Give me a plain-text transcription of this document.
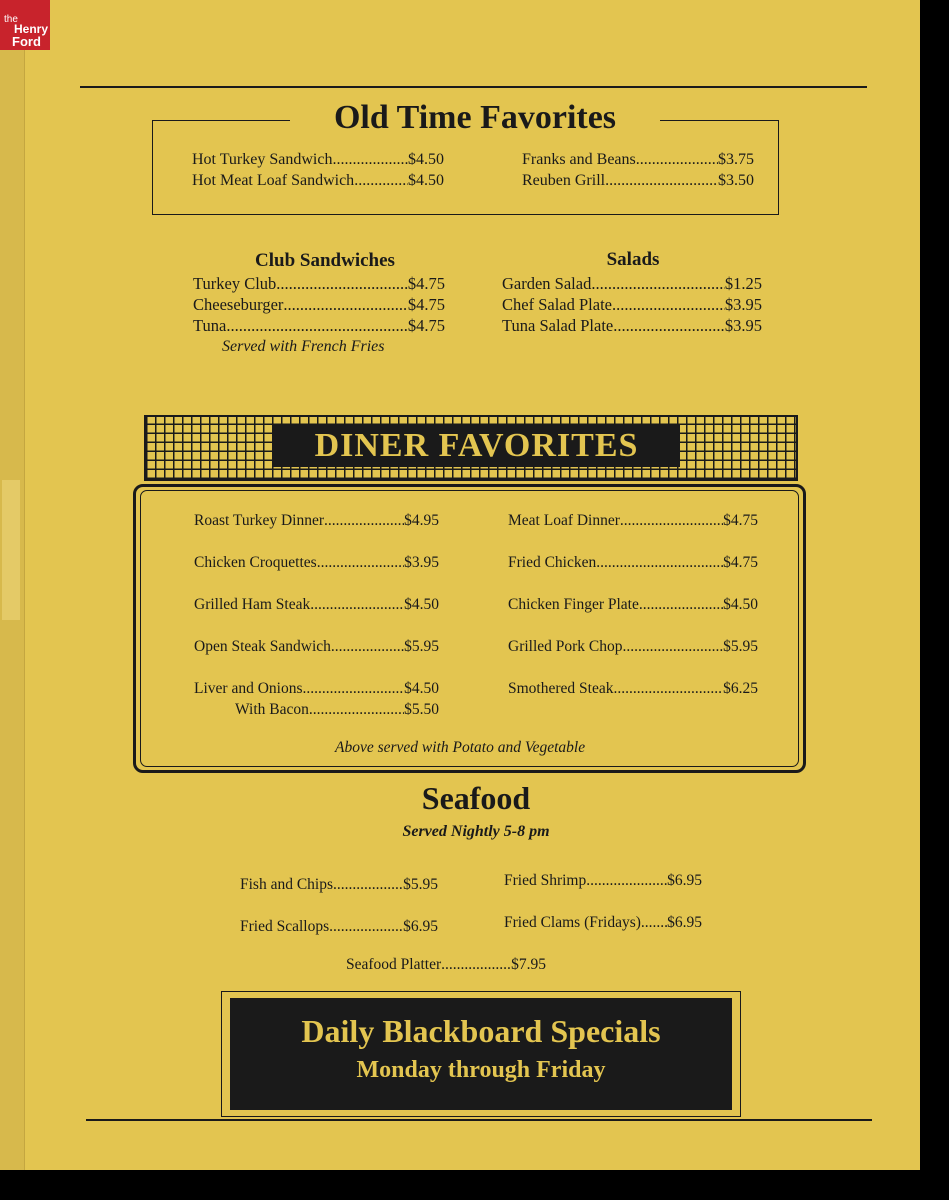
the
Henry
Ford
Old Time Favorites
Hot Turkey Sandwich .....	$4.50
Hot Meat Loaf Sandwich .....	$4.50
Franks and Beans .....	$3.75
Reuben Grill .....	$3.50
Club Sandwiches
Turkey Club .....	$4.75
Cheeseburger .....	$4.75
Tuna .....	$4.75
Served with French Fries
Salads
Garden Salad .....	$1.25
Chef Salad Plate .....	$3.95
Tuna Salad Plate .....	$3.95
DINER FAVORITES
Roast Turkey Dinner .....	$4.95
Chicken Croquettes .....	$3.95
Grilled Ham Steak .....	$4.50
Open Steak Sandwich .....	$5.95
Liver and Onions .....	$4.50
With Bacon .....	$5.50
Meat Loaf Dinner .....	$4.75
Fried Chicken .....	$4.75
Chicken Finger Plate .....	$4.50
Grilled Pork Chop .....	$5.95
Smothered Steak .....	$6.25
Above served with Potato and Vegetable
Seafood
Served Nightly 5-8 pm
Fish and Chips .....	$5.95
Fried Scallops .....	$6.95
Fried Shrimp .....	$6.95
Fried Clams (Fridays) ..... $6.95
Seafood Platter .....	$7.95
Daily Blackboard Specials
Monday through Friday
